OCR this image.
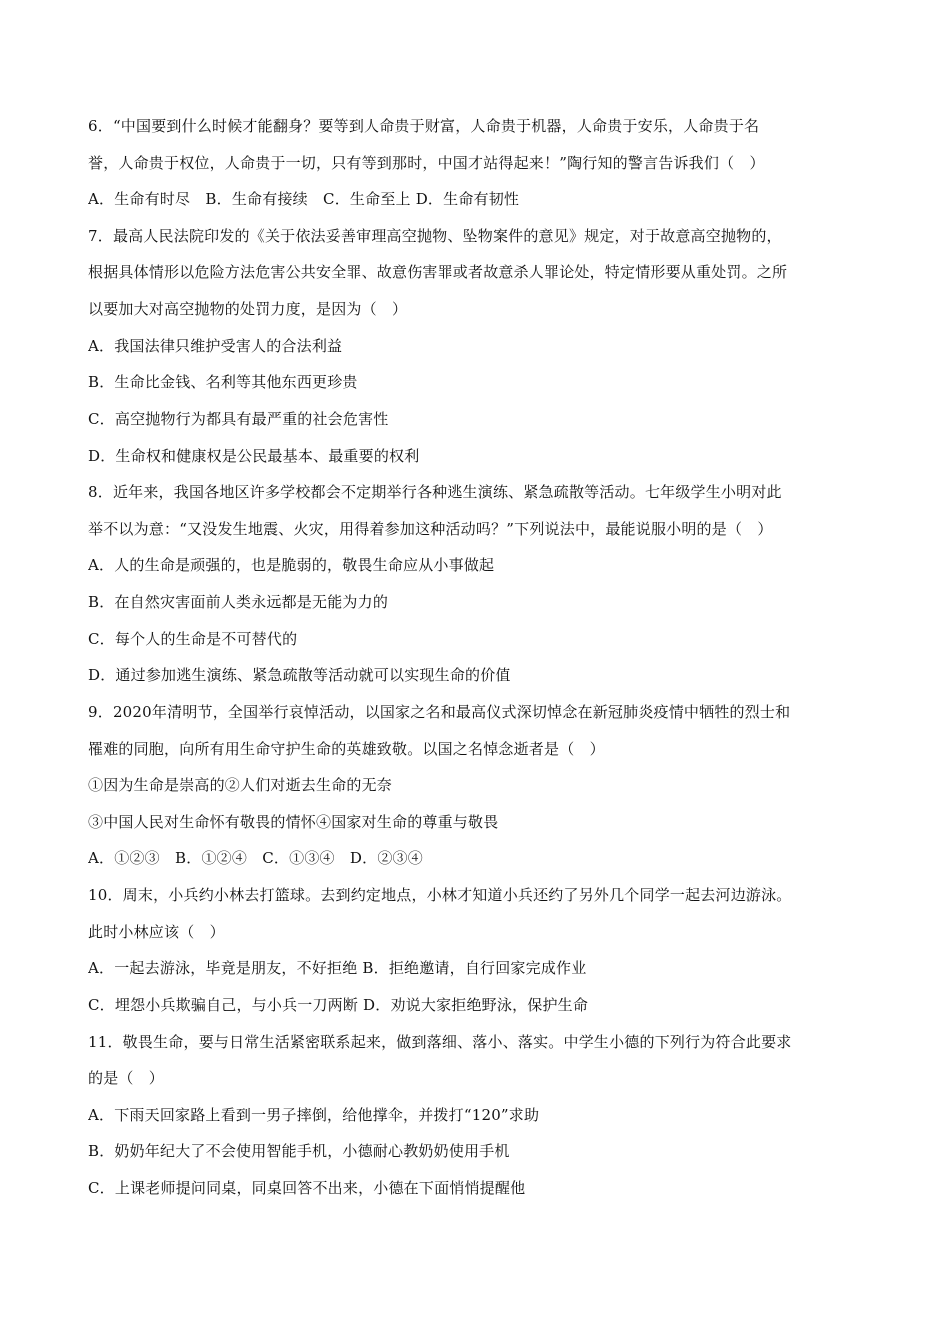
6．“中国要到什么时候才能翻身？要等到人命贵于财富，人命贵于机器，人命贵于安乐，人命贵于名
誉，人命贵于权位，人命贵于一切，只有等到那时，中国才站得起来！”陶行知的警言告诉我们（　）
A．生命有时尽　B．生命有接续　C．生命至上 D．生命有韧性
7．最高人民法院印发的《关于依法妥善审理高空抛物、坠物案件的意见》规定，对于故意高空抛物的，
根据具体情形以危险方法危害公共安全罪、故意伤害罪或者故意杀人罪论处，特定情形要从重处罚。之所
以要加大对高空抛物的处罚力度，是因为（　）
A．我国法律只维护受害人的合法利益
B．生命比金钱、名利等其他东西更珍贵
C．高空抛物行为都具有最严重的社会危害性
D．生命权和健康权是公民最基本、最重要的权利
8．近年来，我国各地区许多学校都会不定期举行各种逃生演练、紧急疏散等活动。七年级学生小明对此
举不以为意：“又没发生地震、火灾，用得着参加这种活动吗？”下列说法中，最能说服小明的是（　）
A．人的生命是顽强的，也是脆弱的，敬畏生命应从小事做起
B．在自然灾害面前人类永远都是无能为力的
C．每个人的生命是不可替代的
D．通过参加逃生演练、紧急疏散等活动就可以实现生命的价值
9．2020年清明节，全国举行哀悼活动，以国家之名和最高仪式深切悼念在新冠肺炎疫情中牺牲的烈士和
罹难的同胞，向所有用生命守护生命的英雄致敬。以国之名悼念逝者是（　）
①因为生命是崇高的②人们对逝去生命的无奈
③中国人民对生命怀有敬畏的情怀④国家对生命的尊重与敬畏
A．①②③　B．①②④　C．①③④　D．②③④
10．周末，小兵约小林去打篮球。去到约定地点，小林才知道小兵还约了另外几个同学一起去河边游泳。
此时小林应该（　）
A．一起去游泳，毕竟是朋友，不好拒绝 B．拒绝邀请，自行回家完成作业
C．埋怨小兵欺骗自己，与小兵一刀两断 D．劝说大家拒绝野泳，保护生命
11．敬畏生命，要与日常生活紧密联系起来，做到落细、落小、落实。中学生小德的下列行为符合此要求
的是（　）
A．下雨天回家路上看到一男子摔倒，给他撑伞，并拨打“120”求助
B．奶奶年纪大了不会使用智能手机，小德耐心教奶奶使用手机
C．上课老师提问同桌，同桌回答不出来，小德在下面悄悄提醒他
